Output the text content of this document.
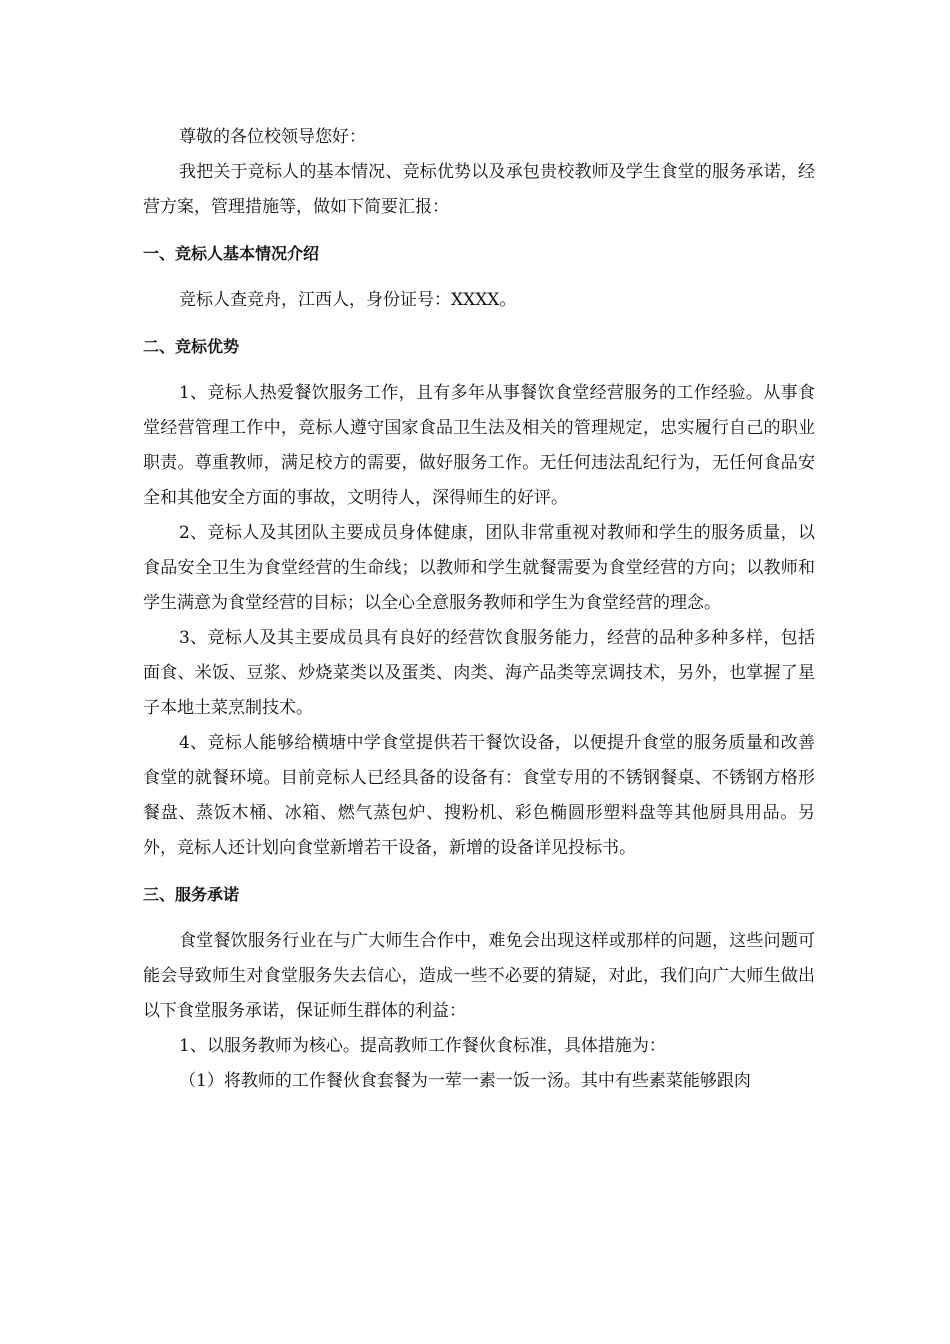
尊敬的各位校领导您好：

我把关于竞标人的基本情况、竞标优势以及承包贵校教师及学生食堂的服务承诺，经营方案，管理措施等，做如下简要汇报：

一、竞标人基本情况介绍

竞标人查竞舟，江西人，身份证号：XXXX。

二、竞标优势

1、竞标人热爱餐饮服务工作，且有多年从事餐饮食堂经营服务的工作经验。从事食堂经营管理工作中，竞标人遵守国家食品卫生法及相关的管理规定，忠实履行自己的职业职责。尊重教师，满足校方的需要，做好服务工作。无任何违法乱纪行为，无任何食品安全和其他安全方面的事故，文明待人，深得师生的好评。

2、竞标人及其团队主要成员身体健康，团队非常重视对教师和学生的服务质量，以食品安全卫生为食堂经营的生命线；以教师和学生就餐需要为食堂经营的方向；以教师和学生满意为食堂经营的目标；以全心全意服务教师和学生为食堂经营的理念。

3、竞标人及其主要成员具有良好的经营饮食服务能力，经营的品种多种多样，包括面食、米饭、豆浆、炒烧菜类以及蛋类、肉类、海产品类等烹调技术，另外，也掌握了星子本地土菜烹制技术。

4、竞标人能够给横塘中学食堂提供若干餐饮设备，以便提升食堂的服务质量和改善食堂的就餐环境。目前竞标人已经具备的设备有：食堂专用的不锈钢餐桌、不锈钢方格形餐盘、蒸饭木桶、冰箱、燃气蒸包炉、搜粉机、彩色椭圆形塑料盘等其他厨具用品。另外，竞标人还计划向食堂新增若干设备，新增的设备详见投标书。

三、服务承诺

食堂餐饮服务行业在与广大师生合作中，难免会出现这样或那样的问题，这些问题可能会导致师生对食堂服务失去信心，造成一些不必要的猜疑，对此，我们向广大师生做出以下食堂服务承诺，保证师生群体的利益：

1、以服务教师为核心。提高教师工作餐伙食标准，具体措施为：

（1）将教师的工作餐伙食套餐为一荤一素一饭一汤。其中有些素菜能够跟肉
